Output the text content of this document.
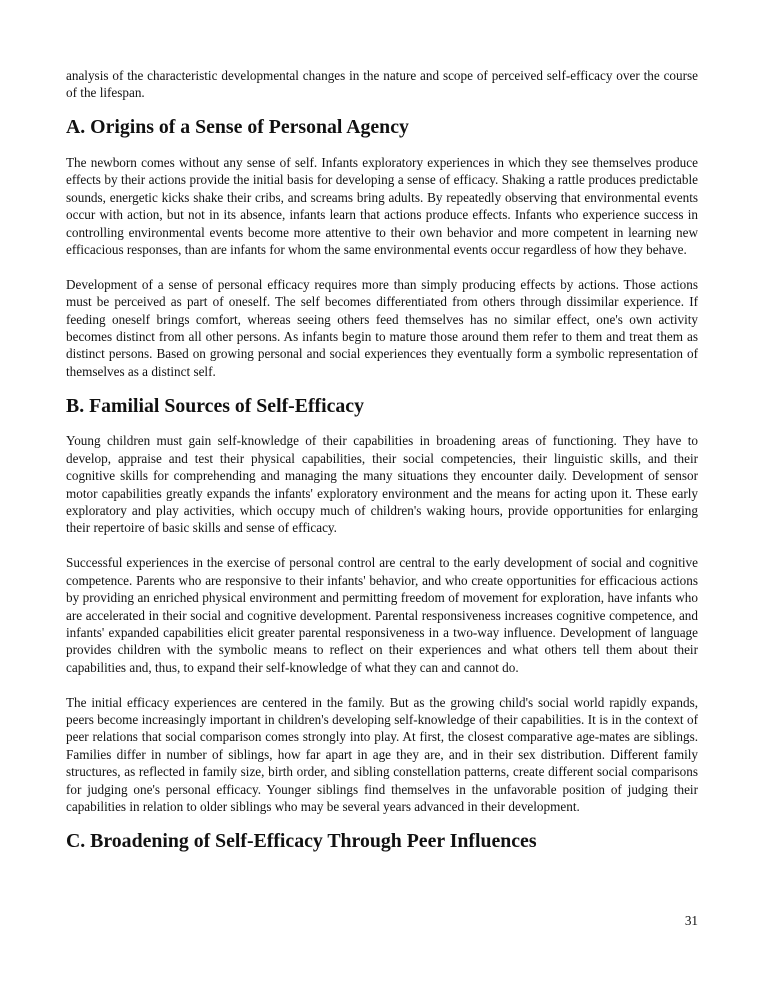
analysis of the characteristic developmental changes in the nature and scope of perceived self-efficacy over the course of the lifespan.

A. Origins of a Sense of Personal Agency

The newborn comes without any sense of self. Infants exploratory experiences in which they see themselves produce effects by their actions provide the initial basis for developing a sense of efficacy. Shaking a rattle produces predictable sounds, energetic kicks shake their cribs, and screams bring adults. By repeatedly observing that environmental events occur with action, but not in its absence, infants learn that actions produce effects. Infants who experience success in controlling environmental events become more attentive to their own behavior and more competent in learning new efficacious responses, than are infants for whom the same environmental events occur regardless of how they behave.

Development of a sense of personal efficacy requires more than simply producing effects by actions. Those actions must be perceived as part of oneself. The self becomes differentiated from others through dissimilar experience. If feeding oneself brings comfort, whereas seeing others feed themselves has no similar effect, one's own activity becomes distinct from all other persons. As infants begin to mature those around them refer to them and treat them as distinct persons. Based on growing personal and social experiences they eventually form a symbolic representation of themselves as a distinct self.

B. Familial Sources of Self-Efficacy

Young children must gain self-knowledge of their capabilities in broadening areas of functioning. They have to develop, appraise and test their physical capabilities, their social competencies, their linguistic skills, and their cognitive skills for comprehending and managing the many situations they encounter daily. Development of sensor motor capabilities greatly expands the infants' exploratory environment and the means for acting upon it. These early exploratory and play activities, which occupy much of children's waking hours, provide opportunities for enlarging their repertoire of basic skills and sense of efficacy.

Successful experiences in the exercise of personal control are central to the early development of social and cognitive competence. Parents who are responsive to their infants' behavior, and who create opportunities for efficacious actions by providing an enriched physical environment and permitting freedom of movement for exploration, have infants who are accelerated in their social and cognitive development. Parental responsiveness increases cognitive competence, and infants' expanded capabilities elicit greater parental responsiveness in a two-way influence. Development of language provides children with the symbolic means to reflect on their experiences and what others tell them about their capabilities and, thus, to expand their self-knowledge of what they can and cannot do.

The initial efficacy experiences are centered in the family. But as the growing child's social world rapidly expands, peers become increasingly important in children's developing self-knowledge of their capabilities. It is in the context of peer relations that social comparison comes strongly into play. At first, the closest comparative age-mates are siblings. Families differ in number of siblings, how far apart in age they are, and in their sex distribution. Different family structures, as reflected in family size, birth order, and sibling constellation patterns, create different social comparisons for judging one's personal efficacy. Younger siblings find themselves in the unfavorable position of judging their capabilities in relation to older siblings who may be several years advanced in their development.

C. Broadening of Self-Efficacy Through Peer Influences
31
